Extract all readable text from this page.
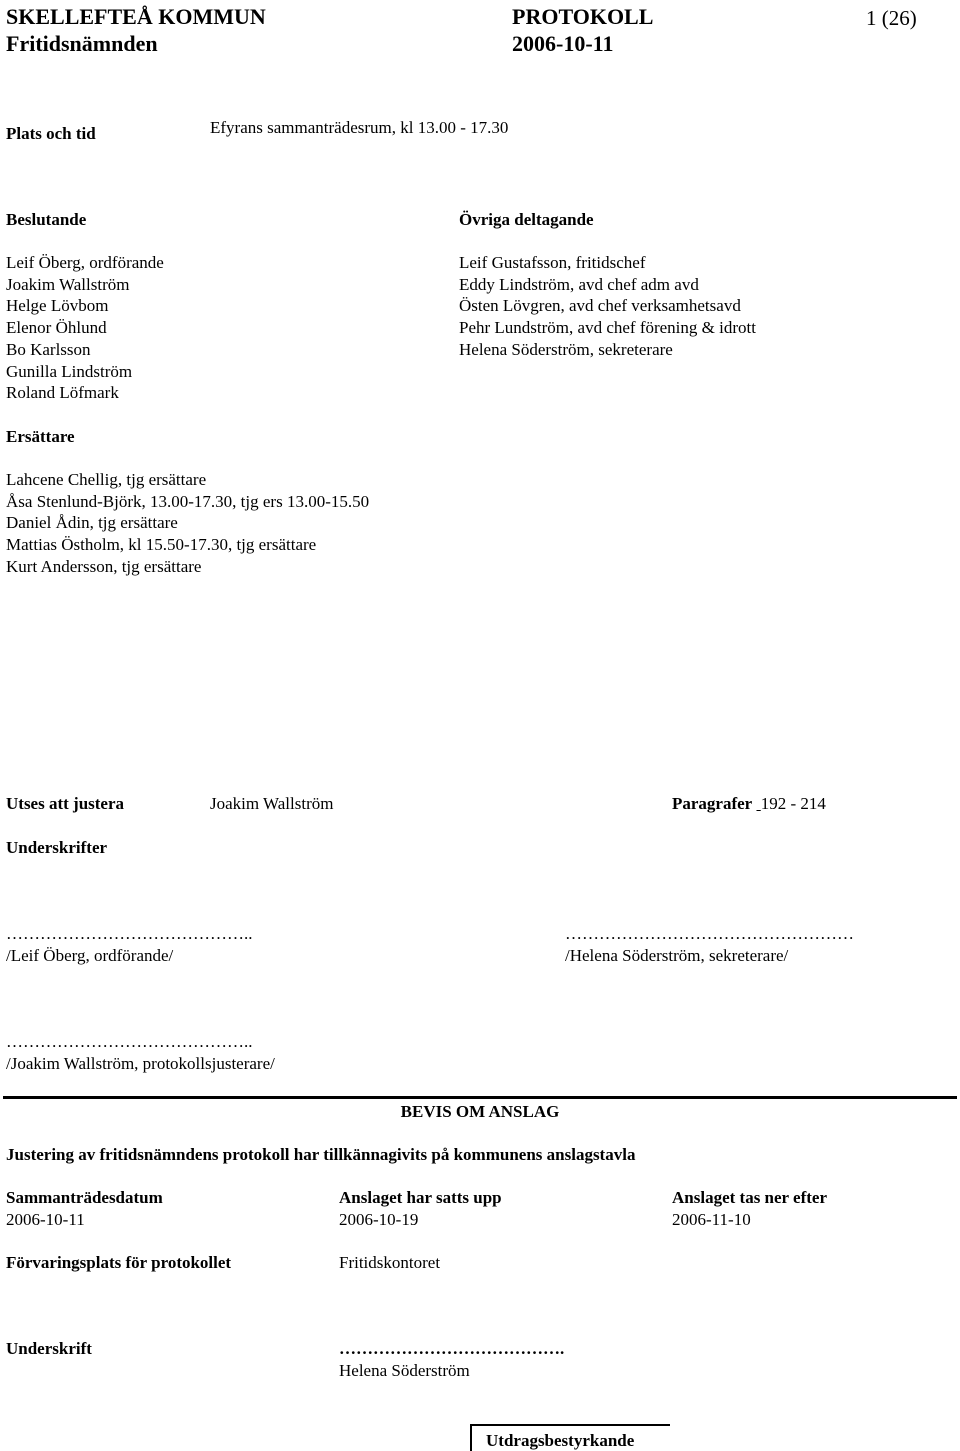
SKELLEFTEÅ KOMMUN	PROTOKOLL	1 (26)
Fritidsnämnden	2006-10-11
Plats och tid	Efyrans sammanträdesrum, kl 13.00 - 17.30
Beslutande
Leif Öberg, ordförande
Joakim Wallström
Helge Lövbom
Elenor Öhlund
Bo Karlsson
Gunilla Lindström
Roland Löfmark
Övriga deltagande
Leif Gustafsson, fritidschef
Eddy Lindström, avd chef adm avd
Östen Lövgren, avd chef verksamhetsavd
Pehr Lundström, avd chef förening & idrott
Helena Söderström, sekreterare
Ersättare
Lahcene Chellig, tjg ersättare
Åsa Stenlund-Björk, 13.00-17.30, tjg ers 13.00-15.50
Daniel Ådin, tjg ersättare
Mattias Östholm, kl 15.50-17.30, tjg ersättare
Kurt Andersson, tjg ersättare
Utses att justera	Joakim Wallström	Paragrafer 192 - 214
Underskrifter
……………………………………..
/Leif Öberg, ordförande/
……………………………………………
/Helena Söderström, sekreterare/
……………………………………..
/Joakim Wallström, protokollsjusterare/
BEVIS OM ANSLAG
Justering av fritidsnämndens protokoll har tillkännagivits på kommunens anslagstavla
Sammanträdesdatum
2006-10-11
Anslaget har satts upp
2006-10-19
Anslaget tas ner efter
2006-11-10
Förvaringsplats för protokollet	Fritidskontoret
Underskrift	………………………………….
Helena Söderström
Utdragsbestyrkande
